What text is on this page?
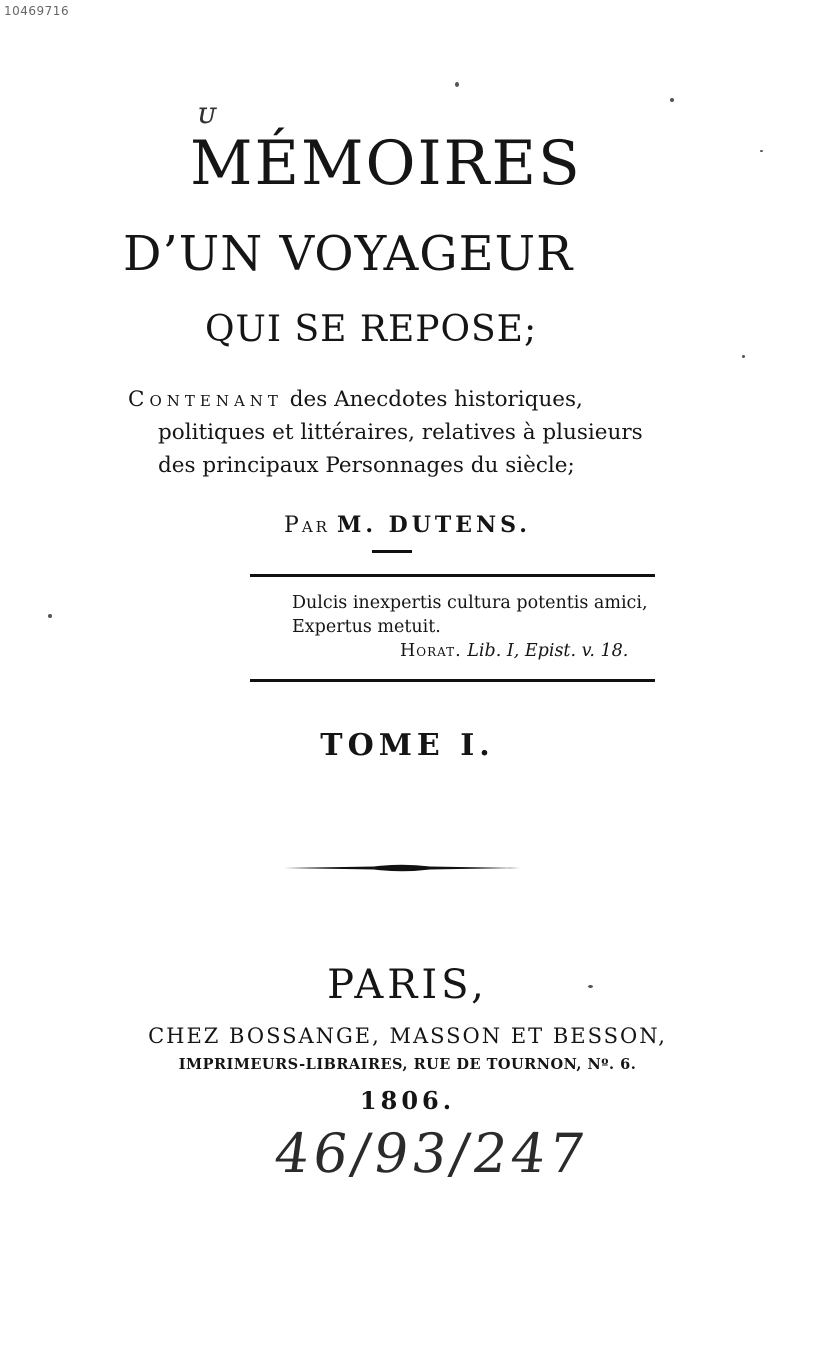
10469716
ᴜ
MÉMOIRES
D’UN VOYAGEUR
QUI SE REPOSE;
Contenant des Anecdotes historiques,
politiques et littéraires, relatives à plusieurs
des principaux Personnages du siècle;
Par M. DUTENS.
Dulcis inexpertis cultura potentis amici,
Expertus metuit.
Horat. Lib. I, Epist. v. 18.
TOME I.
PARIS,
CHEZ BOSSANGE, MASSON ET BESSON,
IMPRIMEURS-LIBRAIRES, RUE DE TOURNON, Nº. 6.
1806.
46/93/247
